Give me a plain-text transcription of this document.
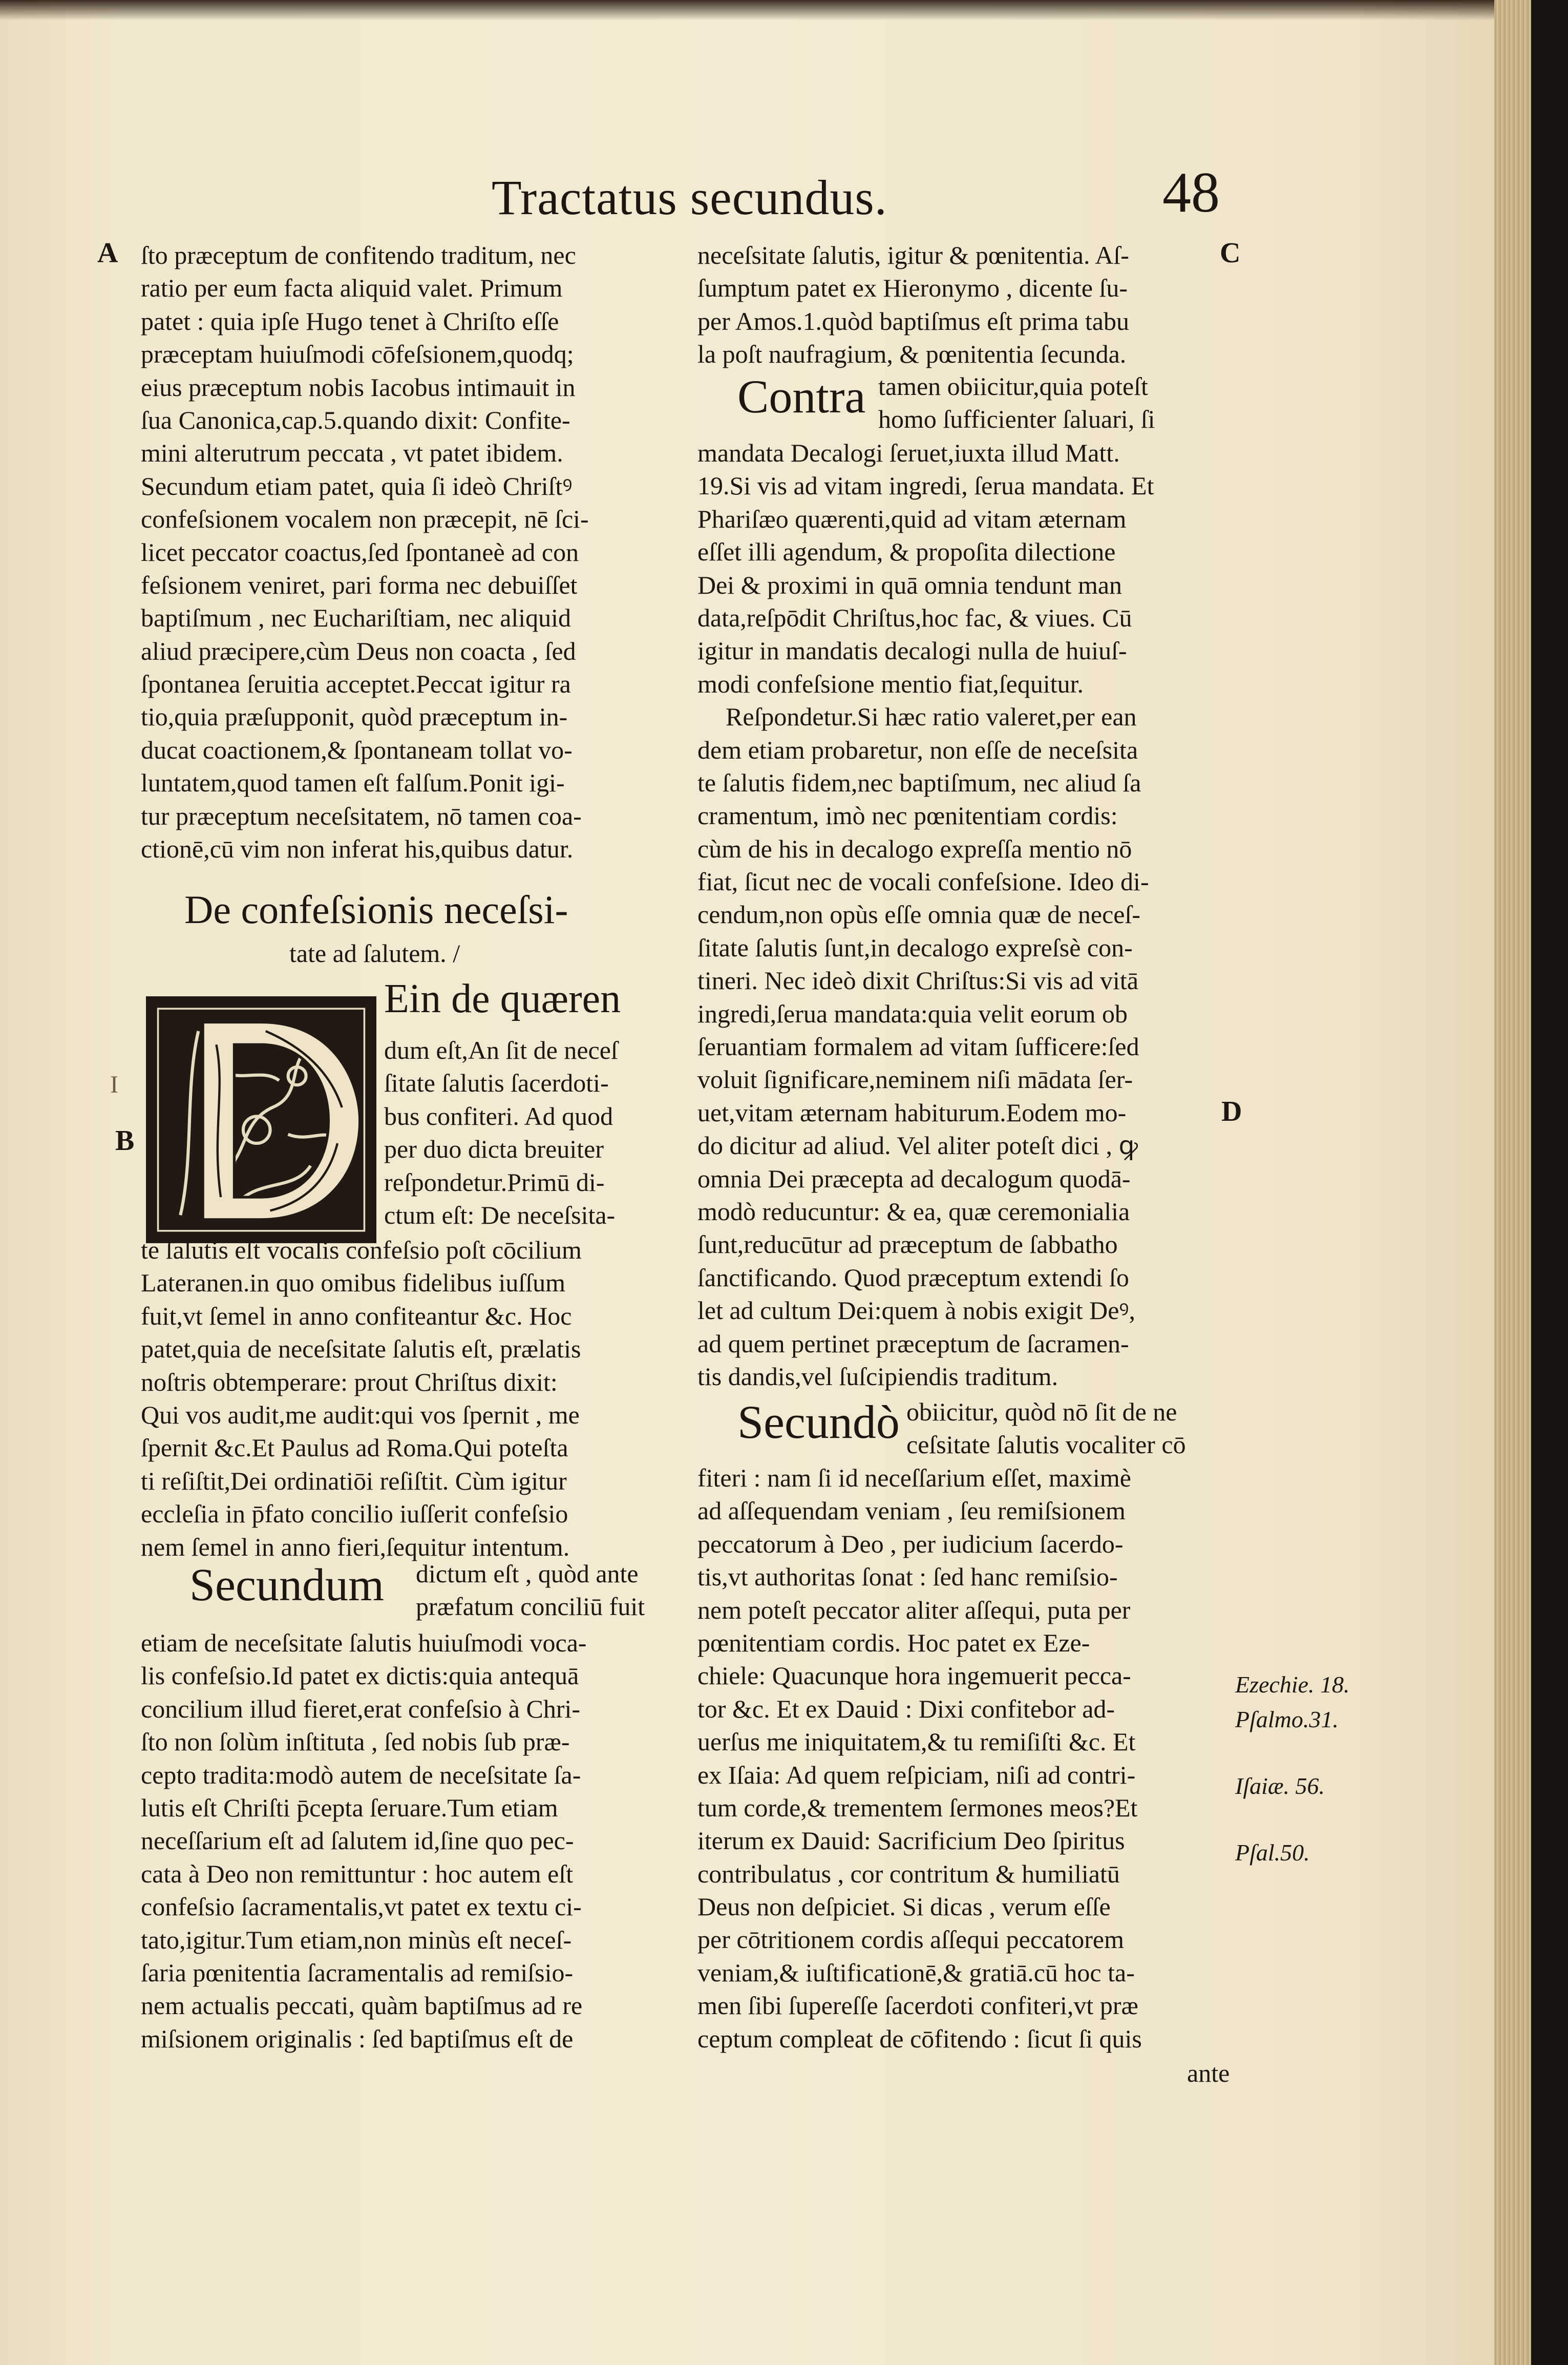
Tractatus secundus.	48
A	C
B
D
I
ſto præceptum de confitendo traditum, nec
ratio per eum facta aliquid valet. Primum
patet : quia ipſe Hugo tenet à Chriſto eſſe
præceptam huiuſmodi cōfeſsionem,quodq;
eius præceptum nobis Iacobus intimauit in
ſua Canonica,cap.5.quando dixit: Confite-
mini alterutrum peccata , vt patet ibidem.
Secundum etiam patet, quia ſi ideò Chriſtꝰ
confeſsionem vocalem non præcepit, nē ſci-
licet peccator coactus,ſed ſpontaneè ad con
feſsionem veniret, pari forma nec debuiſſet
baptiſmum , nec Euchariſtiam, nec aliquid
aliud præcipere,cùm Deus non coacta , ſed
ſpontanea ſeruitia acceptet.Peccat igitur ra
tio,quia præſupponit, quòd præceptum in-
ducat coactionem,& ſpontaneam tollat vo-
luntatem,quod tamen eſt falſum.Ponit igi-
tur præceptum neceſsitatem, nō tamen coa-
ctionē,cū vim non inferat his,quibus datur.
De confeſsionis neceſsi-
tate ad ſalutem. /
Ein de quæren
dum eſt,An ſit de neceſ
ſitate ſalutis ſacerdoti-
bus confiteri. Ad quod
per duo dicta breuiter
reſpondetur.Primū di-
ctum eſt: De neceſsita-
te ſalutis eſt vocalis confeſsio poſt cōcilium
Lateranen.in quo omibus fidelibus iuſſum
fuit,vt ſemel in anno confiteantur &c. Hoc
patet,quia de neceſsitate ſalutis eſt, prælatis
noſtris obtemperare: prout Chriſtus dixit:
Qui vos audit,me audit:qui vos ſpernit , me
ſpernit &c.Et Paulus ad Roma.Qui poteſta
ti reſiſtit,Dei ordinatiōi reſiſtit. Cùm igitur
eccleſia in p̄fato concilio iuſſerit confeſsio
nem ſemel in anno fieri,ſequitur intentum.
Secundum dictum eſt , quòd ante
præfatum conciliū fuit
etiam de neceſsitate ſalutis huiuſmodi voca-
lis confeſsio.Id patet ex dictis:quia antequā
concilium illud fieret,erat confeſsio à Chri-
ſto non ſolùm inſtituta , ſed nobis ſub præ-
cepto tradita:modò autem de neceſsitate ſa-
lutis eſt Chriſti p̄cepta ſeruare.Tum etiam
neceſſarium eſt ad ſalutem id,ſine quo pec-
cata à Deo non remittuntur : hoc autem eſt
confeſsio ſacramentalis,vt patet ex textu ci-
tato,igitur.Tum etiam,non minùs eſt neceſ-
ſaria pœnitentia ſacramentalis ad remiſsio-
nem actualis peccati, quàm baptiſmus ad re
miſsionem originalis : ſed baptiſmus eſt de
neceſsitate ſalutis, igitur & pœnitentia. Aſ-
ſumptum patet ex Hieronymo , dicente ſu-
per Amos.1.quòd baptiſmus eſt prima tabu
la poſt naufragium, & pœnitentia ſecunda.
Contra tamen obiicitur,quia poteſt
homo ſufficienter ſaluari, ſi
mandata Decalogi ſeruet,iuxta illud Matt.
19.Si vis ad vitam ingredi, ſerua mandata. Et
Phariſæo quærenti,quid ad vitam æternam
eſſet illi agendum, & propoſita dilectione
Dei & proximi in quā omnia tendunt man
data,reſpōdit Chriſtus,hoc fac, & viues. Cū
igitur in mandatis decalogi nulla de huiuſ-
modi confeſsione mentio fiat,ſequitur.
Reſpondetur.Si hæc ratio valeret,per ean
dem etiam probaretur, non eſſe de neceſsita
te ſalutis fidem,nec baptiſmum, nec aliud ſa
cramentum, imò nec pœnitentiam cordis:
cùm de his in decalogo expreſſa mentio nō
fiat, ſicut nec de vocali confeſsione. Ideo di-
cendum,non opùs eſſe omnia quæ de neceſ-
ſitate ſalutis ſunt,in decalogo expreſsè con-
tineri. Nec ideò dixit Chriſtus:Si vis ad vitā
ingredi,ſerua mandata:quia velit eorum ob
ſeruantiam formalem ad vitam ſufficere:ſed
voluit ſignificare,neminem niſi mādata ſer-
uet,vitam æternam habiturum.Eodem mo-
do dicitur ad aliud. Vel aliter poteſt dici , ꝙ
omnia Dei præcepta ad decalogum quodā-
modò reducuntur: & ea, quæ ceremonialia
ſunt,reducūtur ad præceptum de ſabbatho
ſanctificando. Quod præceptum extendi ſo
let ad cultum Dei:quem à nobis exigit Deꝰ,
ad quem pertinet præceptum de ſacramen-
tis dandis,vel ſuſcipiendis traditum.
Secundò obiicitur, quòd nō ſit de ne
ceſsitate ſalutis vocaliter cō
fiteri : nam ſi id neceſſarium eſſet, maximè
ad aſſequendam veniam , ſeu remiſsionem
peccatorum à Deo , per iudicium ſacerdo-
tis,vt authoritas ſonat : ſed hanc remiſsio-
nem poteſt peccator aliter aſſequi, puta per
pœnitentiam cordis. Hoc patet ex Eze-
chiele: Quacunque hora ingemuerit pecca-
tor &c. Et ex Dauid : Dixi confitebor ad-
uerſus me iniquitatem,& tu remiſiſti &c. Et
ex Iſaia: Ad quem reſpiciam, niſi ad contri-
tum corde,& trementem ſermones meos?Et
iterum ex Dauid: Sacrificium Deo ſpiritus
contribulatus , cor contritum & humiliatū
Deus non deſpiciet. Si dicas , verum eſſe
per cōtritionem cordis aſſequi peccatorem
veniam,& iuſtificationē,& gratiā.cū hoc ta-
men ſibi ſupereſſe ſacerdoti confiteri,vt præ
ceptum compleat de cōfitendo : ſicut ſi quis
ante
Ezechie. 18.
Pſalmo.31.
Iſaiæ. 56.
Pſal.50.
